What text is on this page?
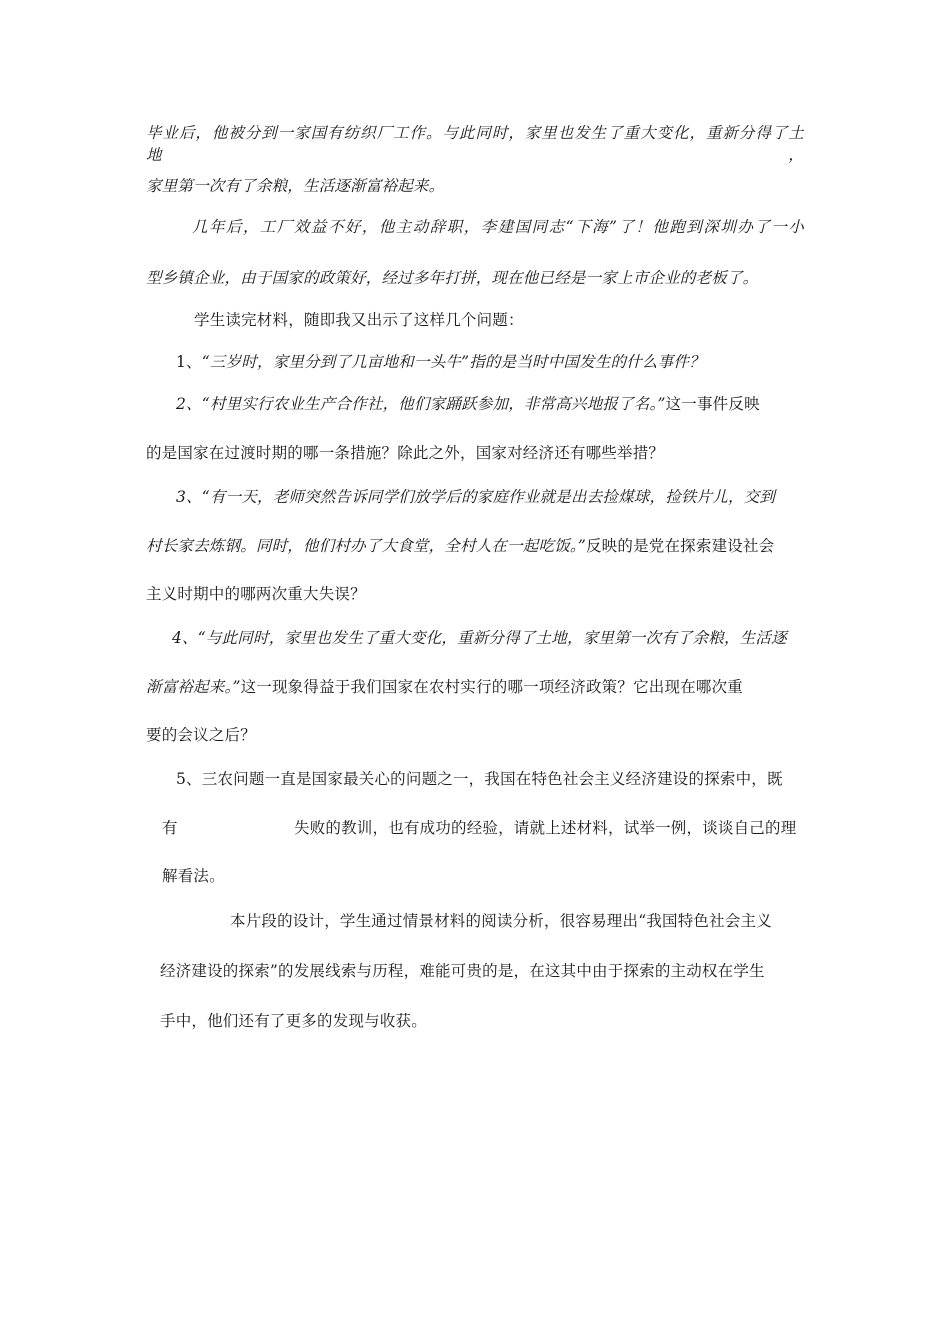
毕业后，他被分到一家国有纺织厂工作。与此同时，家里也发生了重大变化，重新分得了土地，
家里第一次有了余粮，生活逐渐富裕起来。
几年后，工厂效益不好，他主动辞职，李建国同志“下海”了！他跑到深圳办了一小
型乡镇企业，由于国家的政策好，经过多年打拼，现在他已经是一家上市企业的老板了。
学生读完材料，随即我又出示了这样几个问题：
1、“三岁时，家里分到了几亩地和一头牛”指的是当时中国发生的什么事件？
2、“村里实行农业生产合作社，他们家踊跃参加，非常高兴地报了名。”这一事件反映
的是国家在过渡时期的哪一条措施？除此之外，国家对经济还有哪些举措？
3、“有一天，老师突然告诉同学们放学后的家庭作业就是出去捡煤球，捡铁片儿，交到
村长家去炼钢。同时，他们村办了大食堂，全村人在一起吃饭。”反映的是党在探索建设社会
主义时期中的哪两次重大失误？
4、“与此同时，家里也发生了重大变化，重新分得了土地，家里第一次有了余粮，生活逐
渐富裕起来。”这一现象得益于我们国家在农村实行的哪一项经济政策？它出现在哪次重
要的会议之后？
5、三农问题一直是国家最关心的问题之一，我国在特色社会主义经济建设的探索中，既
有	失败的教训，也有成功的经验，请就上述材料，试举一例，谈谈自己的理
解看法。
本片段的设计，学生通过情景材料的阅读分析，很容易理出“我国特色社会主义
经济建设的探索”的发展线索与历程，难能可贵的是，在这其中由于探索的主动权在学生
手中，他们还有了更多的发现与收获。
